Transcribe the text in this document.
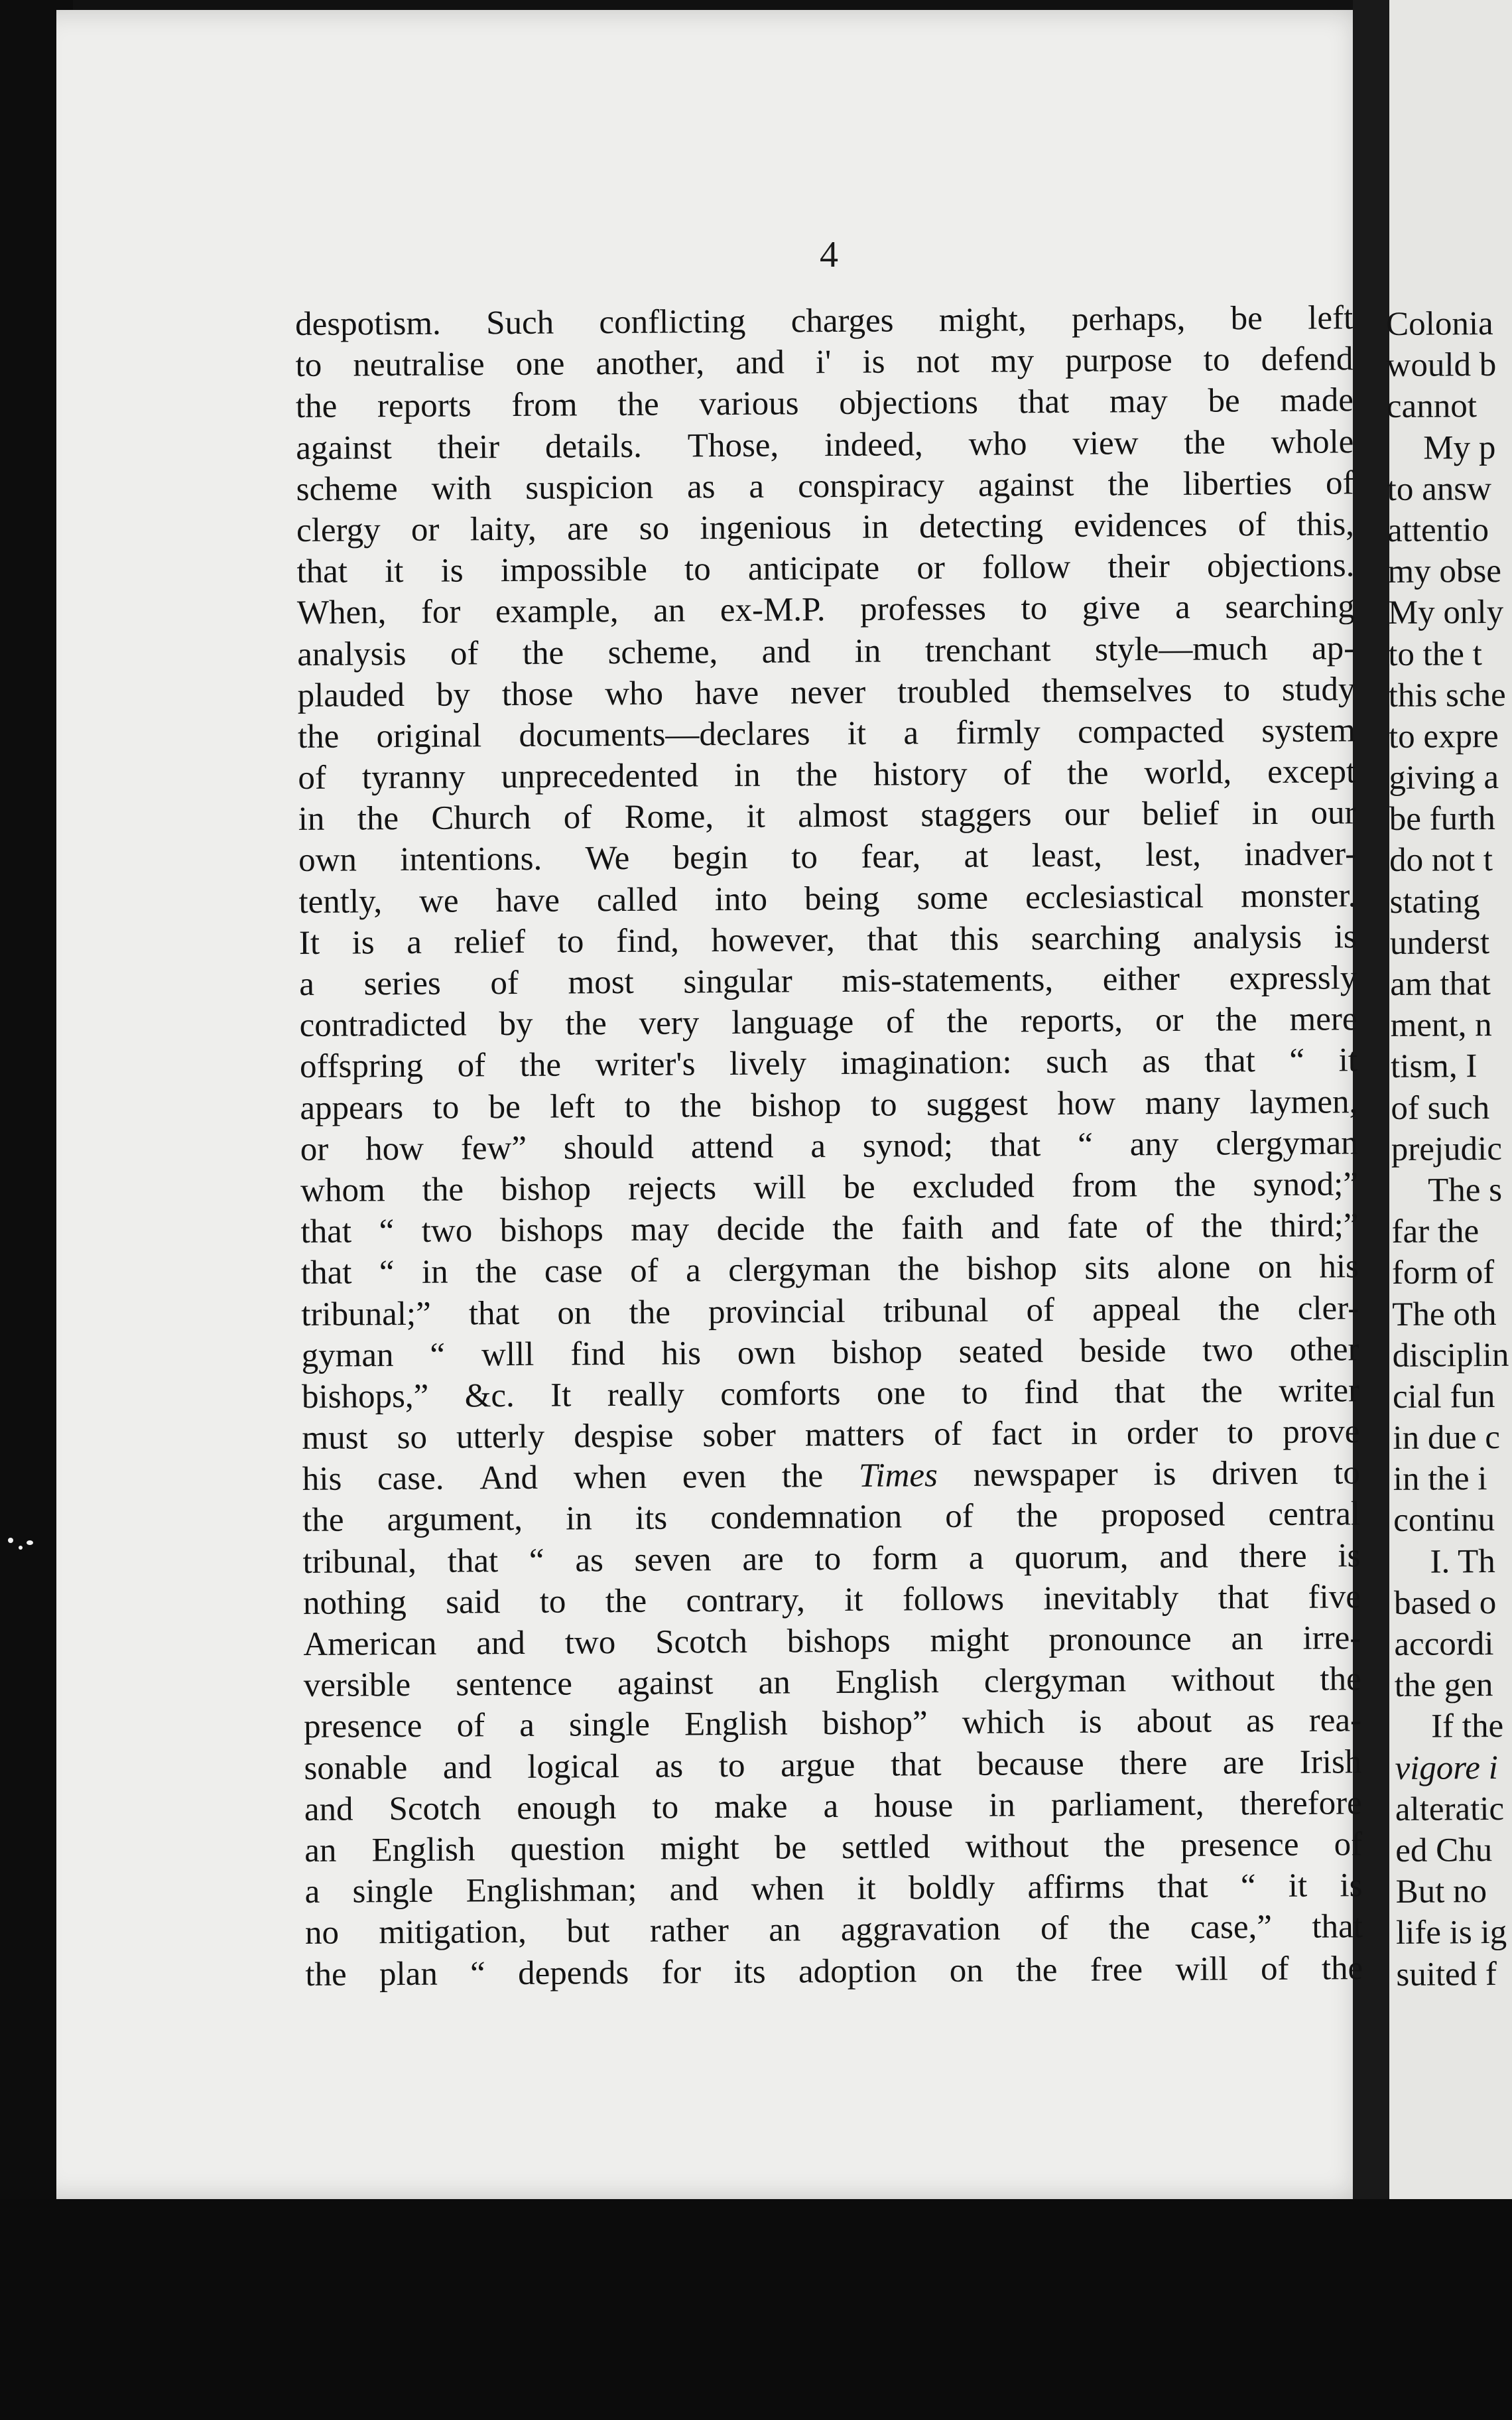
4
despotism. Such conflicting charges might, perhaps, be left
to neutralise one another, and i' is not my purpose to defend
the reports from the various objections that may be made
against their details. Those, indeed, who view the whole
scheme with suspicion as a conspiracy against the liberties of
clergy or laity, are so ingenious in detecting evidences of this,
that it is impossible to anticipate or follow their objections.
When, for example, an ex-M.P. professes to give a searching
analysis of the scheme, and in trenchant style—much ap-
plauded by those who have never troubled themselves to study
the original documents—declares it a firmly compacted system
of tyranny unprecedented in the history of the world, except
in the Church of Rome, it almost staggers our belief in our
own intentions. We begin to fear, at least, lest, inadver-
tently, we have called into being some ecclesiastical monster.
It is a relief to find, however, that this searching analysis is
a series of most singular mis-statements, either expressly
contradicted by the very language of the reports, or the mere
offspring of the writer's lively imagination: such as that “ it
appears to be left to the bishop to suggest how many laymen,
or how few” should attend a synod; that “ any clergyman
whom the bishop rejects will be excluded from the synod;”
that “ two bishops may decide the faith and fate of the third;”
that “ in the case of a clergyman the bishop sits alone on his
tribunal;” that on the provincial tribunal of appeal the cler-
gyman “ wlll find his own bishop seated beside two other
bishops,” &c. It really comforts one to find that the writer
must so utterly despise sober matters of fact in order to prove
his case. And when even the Times newspaper is driven to
the argument, in its condemnation of the proposed central
tribunal, that “ as seven are to form a quorum, and there is
nothing said to the contrary, it follows inevitably that five
American and two Scotch bishops might pronounce an irre-
versible sentence against an English clergyman without the
presence of a single English bishop” which is about as rea-
sonable and logical as to argue that because there are Irish
and Scotch enough to make a house in parliament, therefore
an English question might be settled without the presence of
a single Englishman; and when it boldly affirms that “ it is
no mitigation, but rather an aggravation of the case,” that
the plan “ depends for its adoption on the free will of the
Colonia
would b
cannot
My p
to answ
attentio
my obse
My only
to the t
this sche
to expre
giving a
be furth
do not t
stating
underst
am that
ment, n
tism, I
of such
prejudic
The s
far the
form of
The oth
disciplin
cial fun
in due c
in the i
continu
I. Th
based o
accordi
the gen
If the
vigore i
alteratic
ed Chu
But no
life is ig
suited f
